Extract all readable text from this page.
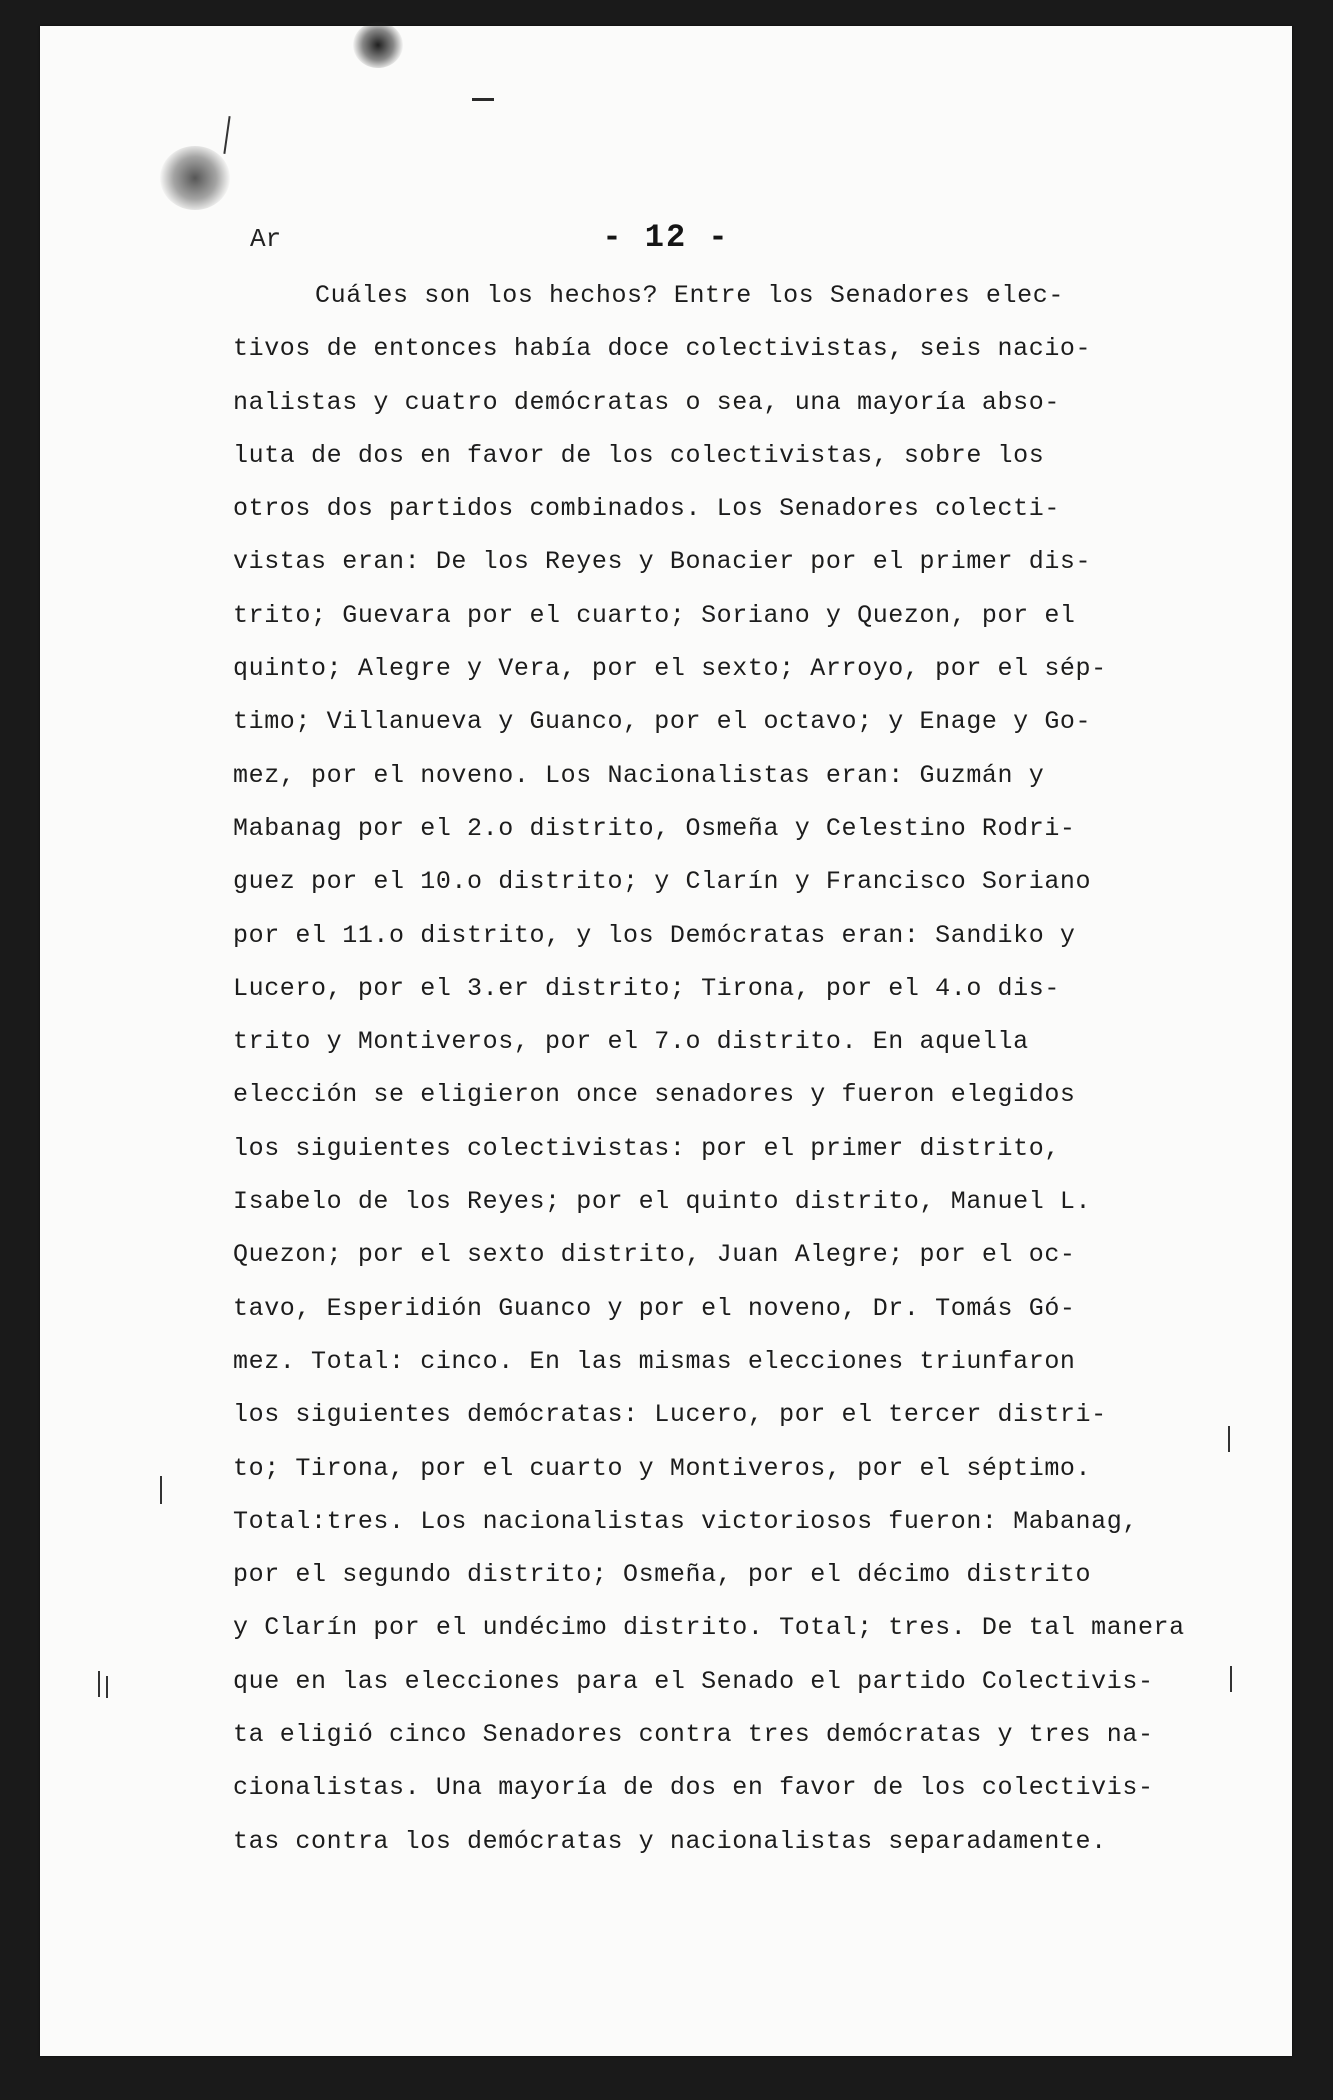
Ar	- 12 -
Cuáles son los hechos? Entre los Senadores elec-
tivos de entonces había doce colectivistas, seis nacio-
nalistas y cuatro demócratas o sea, una mayoría abso-
luta de dos en favor de los colectivistas, sobre los
otros dos partidos combinados. Los Senadores colecti-
vistas eran: De los Reyes y Bonacier por el primer dis-
trito; Guevara por el cuarto; Soriano y Quezon, por el
quinto; Alegre y Vera, por el sexto; Arroyo, por el sép-
timo; Villanueva y Guanco, por el octavo; y Enage y Go-
mez, por el noveno. Los Nacionalistas eran: Guzmán y
Mabanag por el 2.o distrito, Osmeña y Celestino Rodri-
guez por el 10.o distrito; y Clarín y Francisco Soriano
por el 11.o distrito, y los Demócratas eran: Sandiko y
Lucero, por el 3.er distrito; Tirona, por el 4.o dis-
trito y Montiveros, por el 7.o distrito. En aquella
elección se eligieron once senadores y fueron elegidos
los siguientes colectivistas: por el primer distrito,
Isabelo de los Reyes; por el quinto distrito, Manuel L.
Quezon; por el sexto distrito, Juan Alegre; por el oc-
tavo, Esperidión Guanco y por el noveno, Dr. Tomás Gó-
mez. Total: cinco. En las mismas elecciones triunfaron
los siguientes demócratas: Lucero, por el tercer distri-
to; Tirona, por el cuarto y Montiveros, por el séptimo.
Total:tres. Los nacionalistas victoriosos fueron: Mabanag,
por el segundo distrito; Osmeña, por el décimo distrito
y Clarín por el undécimo distrito. Total; tres. De tal manera
que en las elecciones para el Senado el partido Colectivis-
ta eligió cinco Senadores contra tres demócratas y tres na-
cionalistas. Una mayoría de dos en favor de los colectivis-
tas contra los demócratas y nacionalistas separadamente.
